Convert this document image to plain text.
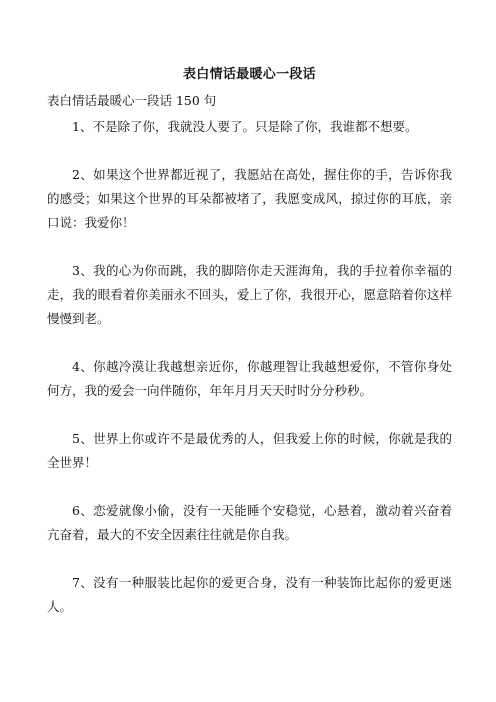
表白情话最暖心一段话
表白情话最暖心一段话 150 句

1、不是除了你，我就没人要了。只是除了你，我谁都不想要。

2、如果这个世界都近视了，我愿站在高处，握住你的手，告诉你我的感受；如果这个世界的耳朵都被堵了，我愿变成风，掠过你的耳底，亲口说：我爱你！

3、我的心为你而跳，我的脚陪你走天涯海角，我的手拉着你幸福的走，我的眼看着你美丽永不回头，爱上了你，我很开心，愿意陪着你这样慢慢到老。

4、你越冷漠让我越想亲近你，你越理智让我越想爱你，不管你身处何方，我的爱会一向伴随你，年年月月天天时时分分秒秒。

5、世界上你或许不是最优秀的人，但我爱上你的时候，你就是我的全世界！

6、恋爱就像小偷，没有一天能睡个安稳觉，心悬着，激动着兴奋着亢奋着，最大的不安全因素往往就是你自我。

7、没有一种服装比起你的爱更合身，没有一种装饰比起你的爱更迷人。
